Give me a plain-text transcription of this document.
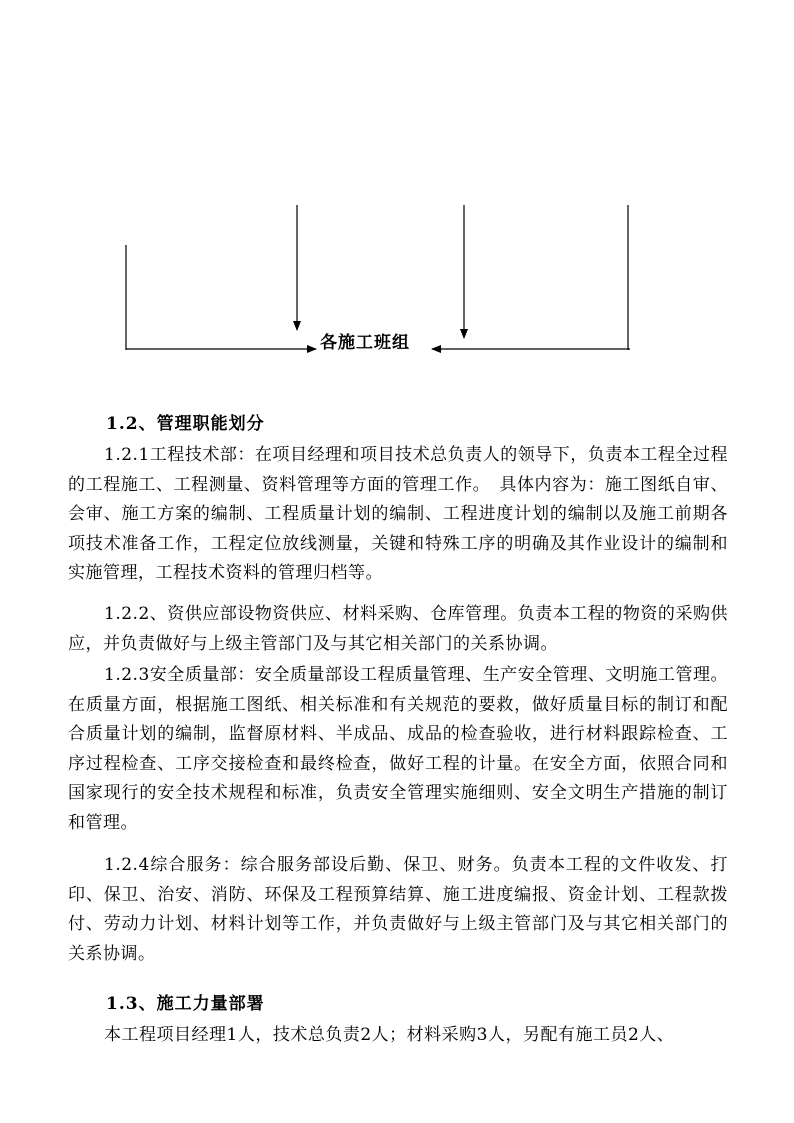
各施工班组
1.2、管理职能划分
1.2.1工程技术部：在项目经理和项目技术总负责人的领导下，负责本工程全过程的工程施工、工程测量、资料管理等方面的管理工作。　具体内容为：施工图纸自审、会审、施工方案的编制、工程质量计划的编制、工程进度计划的编制以及施工前期各项技术准备工作，工程定位放线测量，关键和特殊工序的明确及其作业设计的编制和实施管理，工程技术资料的管理归档等。
1.2.2、资供应部设物资供应、材料采购、仓库管理。负责本工程的物资的采购供应，并负责做好与上级主管部门及与其它相关部门的关系协调。
1.2.3安全质量部：安全质量部设工程质量管理、生产安全管理、文明施工管理。在质量方面，根据施工图纸、相关标准和有关规范的要救，做好质量目标的制订和配合质量计划的编制，监督原材料、半成品、成品的检查验收，进行材料跟踪检查、工序过程检查、工序交接检查和最终检查，做好工程的计量。在安全方面，依照合同和国家现行的安全技术规程和标准，负责安全管理实施细则、安全文明生产措施的制订和管理。
1.2.4综合服务：综合服务部设后勤、保卫、财务。负责本工程的文件收发、打印、保卫、治安、消防、环保及工程预算结算、施工进度编报、资金计划、工程款拨付、劳动力计划、材料计划等工作，并负责做好与上级主管部门及与其它相关部门的关系协调。
1.3、施工力量部署
本工程项目经理1人，技术总负责2人；材料采购3人，另配有施工员2人、
